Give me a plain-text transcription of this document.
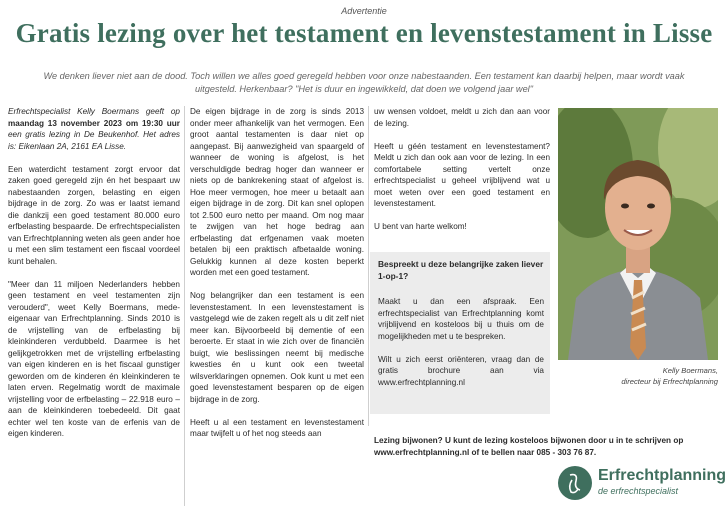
Advertentie
Gratis lezing over het testament en levenstestament in Lisse
We denken liever niet aan de dood. Toch willen we alles goed geregeld hebben voor onze nabestaanden. Een testament kan daarbij helpen, maar wordt vaak uitgesteld. Herkenbaar? "Het is duur en ingewikkeld, dat doen we volgend jaar wel"

Erfrechtspecialist Kelly Boermans geeft op maandag 13 november 2023 om 19:30 uur een gratis lezing in De Beukenhof. Het adres is: Eikenlaan 2A, 2161 EA Lisse.

Een waterdicht testament zorgt ervoor dat zaken goed geregeld zijn én het bespaart uw nabestaanden zorgen, belasting en eigen bijdrage in de zorg. Zo was er laatst iemand die dankzij een goed testament 80.000 euro erfbelasting bespaarde. De erfrechtspecialisten van Erfrechtplanning weten als geen ander hoe u met een slim testament een fiscaal voordeel kunt behalen.

"Meer dan 11 miljoen Nederlanders hebben geen testament en veel testamenten zijn verouderd", weet Kelly Boermans, mede-eigenaar van Erfrechtplanning. Sinds 2010 is de vrijstelling van de erfbelasting bij kleinkinderen verdubbeld. Daarmee is het gelijkgetrokken met de vrijstelling erfbelasting van eigen kinderen en is het fiscaal gunstiger geworden om de kinderen én kleinkinderen te laten erven. Regelmatig wordt de maximale vrijstelling voor de erfbelasting – 22.918 euro – aan de kleinkinderen toebedeeld. Dit gaat echter wel ten koste van de erfenis van de eigen kinderen.

De eigen bijdrage in de zorg is sinds 2013 onder meer afhankelijk van het vermogen. Een groot aantal testamenten is daar niet op aangepast. Bij aanwezigheid van spaargeld of wanneer de woning is afgelost, is het verschuldigde bedrag hoger dan wanneer er niets op de bankrekening staat of afgelost is. Hoe meer vermogen, hoe meer u betaalt aan eigen bijdrage in de zorg. Dit kan snel oplopen tot 2.500 euro netto per maand. Om nog maar te zwijgen van het hoge bedrag aan erfbelasting dat erfgenamen vaak moeten betalen bij een praktisch afbetaalde woning. Gelukkig kunnen al deze kosten beperkt worden met een goed testament.

Nog belangrijker dan een testament is een levenstestament. In een levenstestament is vastgelegd wie de zaken regelt als u dit zelf niet meer kan. Bijvoorbeeld bij dementie of een beroerte. Er staat in wie zich over de financiën buigt, wie beslissingen neemt bij medische kwesties én u kunt ook een tweetal wilsverklaringen opnemen. Ook kunt u met een goed levenstestament besparen op de eigen bijdrage in de zorg.

Heeft u al een testament en levenstestament maar twijfelt u of het nog steeds aan

uw wensen voldoet, meldt u zich dan aan voor de lezing.

Heeft u géén testament en levenstestament? Meldt u zich dan ook aan voor de lezing. In een comfortabele setting vertelt onze erfrechtspecialist u geheel vrijblijvend wat u moet weten over een goed testament en levenstestament.

U bent van harte welkom!

Bespreekt u deze belangrijke zaken liever 1-op-1?

Maakt u dan een afspraak. Een erfrechtspecialist van Erfrechtplanning komt vrijblijvend en kosteloos bij u thuis om de mogelijkheden met u te bespreken.

Wilt u zich eerst oriënteren, vraag dan de gratis brochure aan via www.erfrechtplanning.nl

Kelly Boermans,
directeur bij Erfrechtplanning
Lezing bijwonen? U kunt de lezing kosteloos bijwonen door u in te schrijven op www.erfrechtplanning.nl of te bellen naar 085 - 303 76 87.
Erfrechtplanning
de erfrechtspecialist
